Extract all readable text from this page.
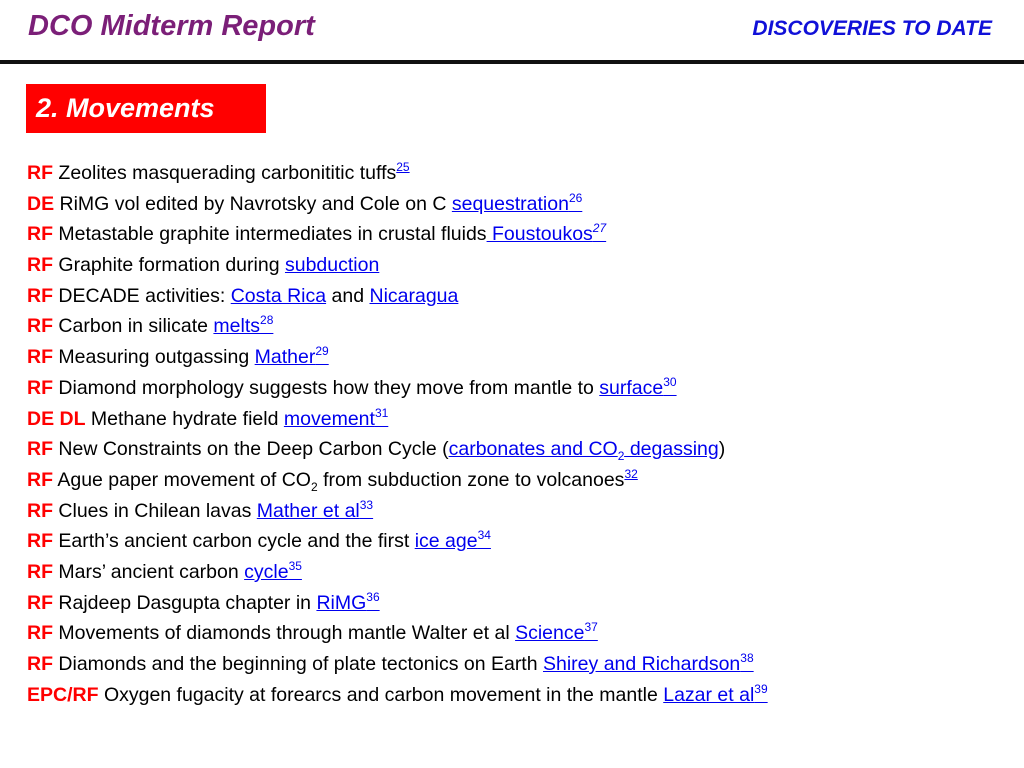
DCO Midterm Report	DISCOVERIES TO DATE
2. Movements
RF Zeolites masquerading carbonititic tuffs$^{25}$
DE RiMG vol edited by Navrotsky and Cole on C sequestration$^{26}$
RF Metastable graphite intermediates in crustal fluids Foustoukos$^{27}$
RF Graphite formation during subduction
RF DECADE activities: Costa Rica and Nicaragua
RF Carbon in silicate melts$^{28}$
RF Measuring outgassing Mather$^{29}$
RF Diamond morphology suggests how they move from mantle to surface$^{30}$
DE DL Methane hydrate field movement$^{31}$
RF New Constraints on the Deep Carbon Cycle (carbonates and $CO_2$ degassing)
RF Ague paper movement of $CO_2$ from subduction zone to volcanoes$^{32}$
RF Clues in Chilean lavas Mather et $al^{33}$
RF Earth’s ancient carbon cycle and the first ice age$^{34}$
RF Mars’ ancient carbon cycle$^{35}$
RF Rajdeep Dasgupta chapter in RiMG$^{36}$
RF Movements of diamonds through mantle Walter et al Science$^{37}$
RF Diamonds and the beginning of plate tectonics on Earth Shirey and Richardson$^{38}$
EPC/RF Oxygen fugacity at forearcs and carbon movement in the mantle Lazar et $al^{39}$
